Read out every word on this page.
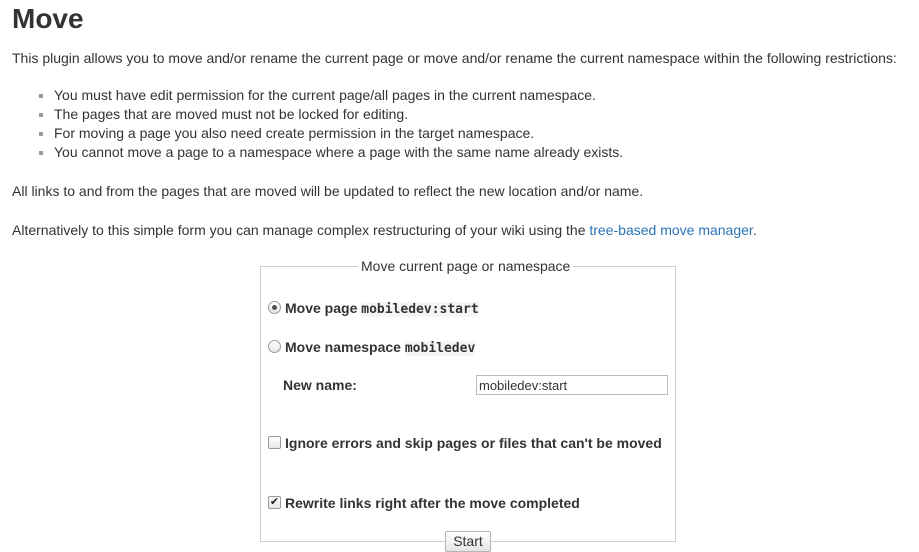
Move

This plugin allows you to move and/or rename the current page or move and/or rename the current namespace within the following restrictions:

You must have edit permission for the current page/all pages in the current namespace.
The pages that are moved must not be locked for editing.
For moving a page you also need create permission in the target namespace.
You cannot move a page to a namespace where a page with the same name already exists.

All links to and from the pages that are moved will be updated to reflect the new location and/or name.

Alternatively to this simple form you can manage complex restructuring of your wiki using the tree-based move manager.

Move current page or namespace
Move page mobiledev:start
Move namespace mobiledev
New name:
mobiledev:start
Ignore errors and skip pages or files that can't be moved
✔ Rewrite links right after the move completed
Start
